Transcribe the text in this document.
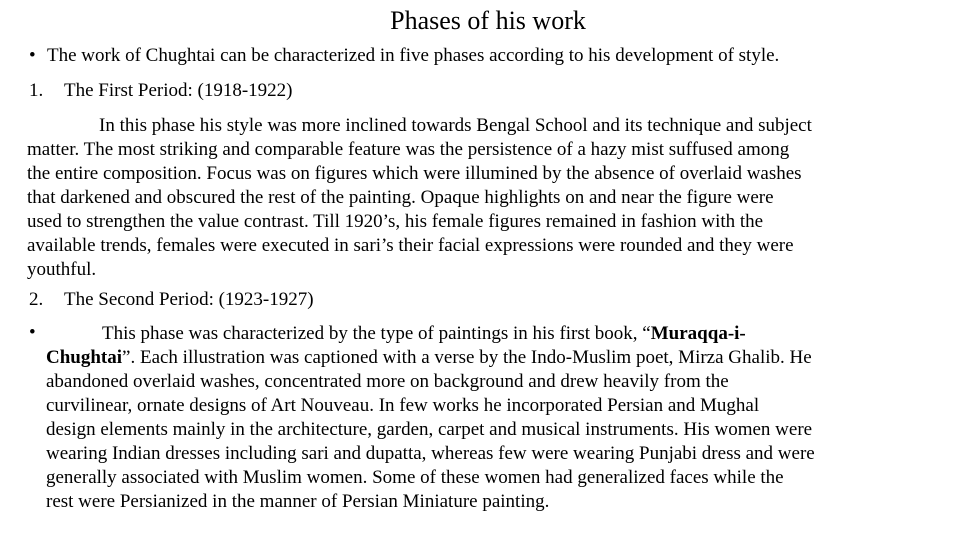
Phases of his work
• The work of Chughtai can be characterized in five phases according to his development of style.
1. The First Period: (1918-1922)
In this phase his style was more inclined towards Bengal School and its technique and subject
matter. The most striking and comparable feature was the persistence of a hazy mist suffused among
the entire composition. Focus was on figures which were illumined by the absence of overlaid washes
that darkened and obscured the rest of the painting. Opaque highlights on and near the figure were
used to strengthen the value contrast. Till 1920’s, his female figures remained in fashion with the
available trends, females were executed in sari’s their facial expressions were rounded and they were
youthful.
2. The Second Period: (1923-1927)
•	This phase was characterized by the type of paintings in his first book, “Muraqqa-i-
Chughtai”. Each illustration was captioned with a verse by the Indo-Muslim poet, Mirza Ghalib. He
abandoned overlaid washes, concentrated more on background and drew heavily from the
curvilinear, ornate designs of Art Nouveau. In few works he incorporated Persian and Mughal
design elements mainly in the architecture, garden, carpet and musical instruments. His women were
wearing Indian dresses including sari and dupatta, whereas few were wearing Punjabi dress and were
generally associated with Muslim women. Some of these women had generalized faces while the
rest were Persianized in the manner of Persian Miniature painting.
